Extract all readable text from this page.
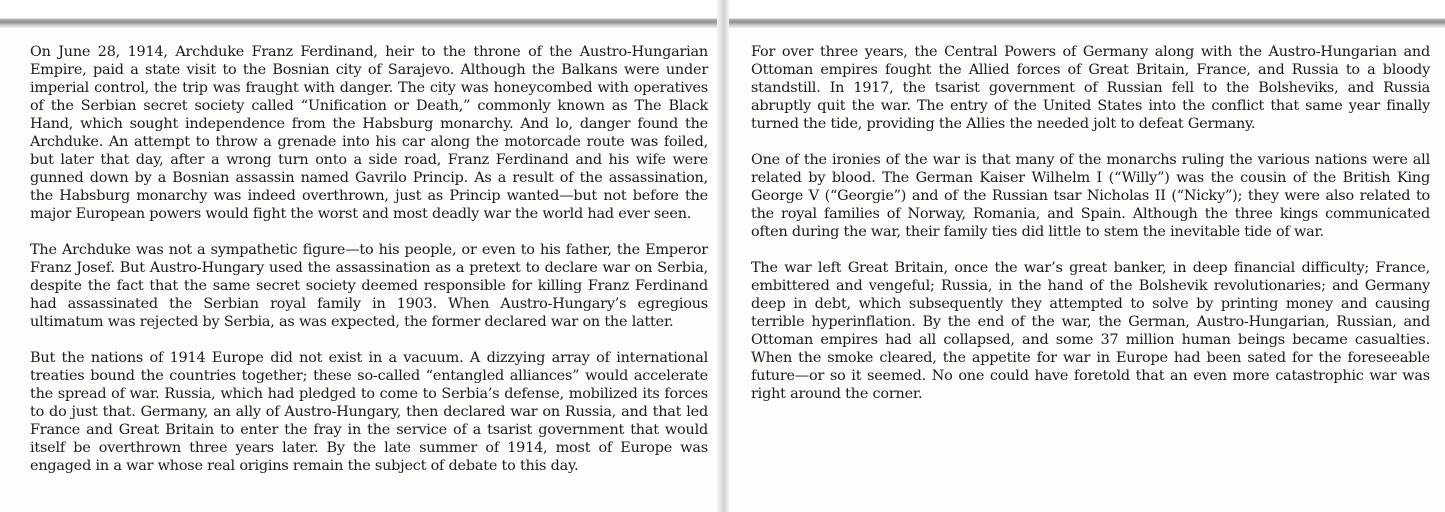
On June 28, 1914, Archduke Franz Ferdinand, heir to the throne of the Austro-Hungarian Empire, paid a state visit to the Bosnian city of Sarajevo. Although the Balkans were under imperial control, the trip was fraught with danger. The city was honeycombed with operatives of the Serbian secret society called “Unification or Death,” commonly known as The Black Hand, which sought independence from the Habsburg monarchy. And lo, danger found the Archduke. An attempt to throw a grenade into his car along the motorcade route was foiled, but later that day, after a wrong turn onto a side road, Franz Ferdinand and his wife were gunned down by a Bosnian assassin named Gavrilo Princip. As a result of the assassination, the Habsburg monarchy was indeed overthrown, just as Princip wanted—but not before the major European powers would fight the worst and most deadly war the world had ever seen.

The Archduke was not a sympathetic figure—to his people, or even to his father, the Emperor Franz Josef. But Austro-Hungary used the assassination as a pretext to declare war on Serbia, despite the fact that the same secret society deemed responsible for killing Franz Ferdinand had assassinated the Serbian royal family in 1903. When Austro-Hungary’s egregious ultimatum was rejected by Serbia, as was expected, the former declared war on the latter.

But the nations of 1914 Europe did not exist in a vacuum. A dizzying array of international treaties bound the countries together; these so-called “entangled alliances” would accelerate the spread of war. Russia, which had pledged to come to Serbia’s defense, mobilized its forces to do just that. Germany, an ally of Austro-Hungary, then declared war on Russia, and that led France and Great Britain to enter the fray in the service of a tsarist government that would itself be overthrown three years later. By the late summer of 1914, most of Europe was engaged in a war whose real origins remain the subject of debate to this day.

For over three years, the Central Powers of Germany along with the Austro-Hungarian and Ottoman empires fought the Allied forces of Great Britain, France, and Russia to a bloody standstill. In 1917, the tsarist government of Russian fell to the Bolsheviks, and Russia abruptly quit the war. The entry of the United States into the conflict that same year finally turned the tide, providing the Allies the needed jolt to defeat Germany.

One of the ironies of the war is that many of the monarchs ruling the various nations were all related by blood. The German Kaiser Wilhelm I (“Willy”) was the cousin of the British King George V (“Georgie”) and of the Russian tsar Nicholas II (“Nicky”); they were also related to the royal families of Norway, Romania, and Spain. Although the three kings communicated often during the war, their family ties did little to stem the inevitable tide of war.

The war left Great Britain, once the war’s great banker, in deep financial difficulty; France, embittered and vengeful; Russia, in the hand of the Bolshevik revolutionaries; and Germany deep in debt, which subsequently they attempted to solve by printing money and causing terrible hyperinflation. By the end of the war, the German, Austro-Hungarian, Russian, and Ottoman empires had all collapsed, and some 37 million human beings became casualties. When the smoke cleared, the appetite for war in Europe had been sated for the foreseeable future—or so it seemed. No one could have foretold that an even more catastrophic war was right around the corner.
